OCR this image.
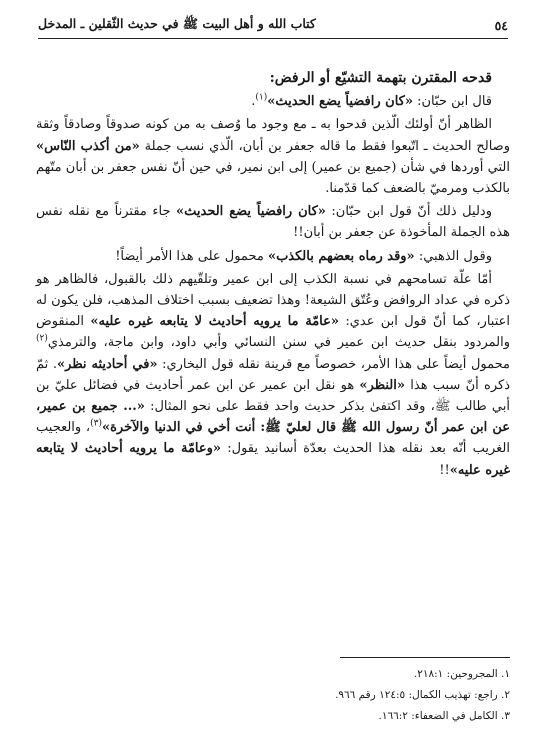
٥٤
كتاب الله و أهل البيت ﷺ في حديث الثّقلين ـ المدخل

قدحه المقترن بتهمة التشيّع أو الرفض:

قال ابن حبّان: «كان رافضياً يضع الحديث»$^{(١)}$.

الظاهر أنّ أولئك الّذين قدحوا به ـ مع وجود ما وُصف به من كونه صدوقاً وصادقاً وثقة وصالح الحديث ـ اتّبعوا فقط ما قاله جعفر بن أبان، الّذي نسب جملة «من أكذب النّاس» التي أوردها في شأن (جميع بن عمير) إلى ابن نمير، في حين أنّ نفس جعفر بن أبان متّهم بالكذب ومرميّ بالضعف كما قدّمنا.

ودليل ذلك أنّ قول ابن حبّان: «كان رافضياً يضع الحديث» جاء مقترناً مع نقله نفس هذه الجملة المأخوذة عن جعفر بن أبان!!

وقول الذهبي: «وقد رماه بعضهم بالكذب» محمول على هذا الأمر أيضاً!

أمّا علّة تسامحهم في نسبة الكذب إلى ابن عمير وتلقّيهم ذلك بالقبول، فالظاهر هو ذكره في عداد الروافض وعُتّق الشيعة! وهذا تضعيف بسبب اختلاف المذهب، فلن يكون له اعتبار، كما أنّ قول ابن عدي: «عامّة ما يرويه أحاديث لا يتابعه غيره عليه» المنقوض والمردود بنقل حديث ابن عمير في سنن النسائي وأبي داود، وابن ماجة، والترمذي$^{(٢)}$ محمول أيضاً على هذا الأمر، خصوصاً مع قرينة نقله قول البخاري: «في أحاديثه نظر». ثمّ ذكره أنّ سبب هذا «النظر» هو نقل ابن عمير عن ابن عمر أحاديث في فضائل عليّ بن أبي طالب ﷺ، وقد اكتفىٰ بذكر حديث واحد فقط على نحو المثال: «... جميع بن عمير، عن ابن عمر أنّ رسول الله ﷺ قال لعليّ ﷺ: أنت أخي في الدنيا والآخرة»$^{(٣)}$، والعجيب الغريب أنّه بعد نقله هذا الحديث بعدّة أسانيد يقول: «وعامّة ما يرويه أحاديث لا يتابعه غيره عليه»!!

١. المجروحين: ٢١٨:١.
٢. راجع: تهذيب الكمال: ١٢٤:٥ رقم ٩٦٦.
٣. الكامل في الضعفاء: ١٦٦:٢.
